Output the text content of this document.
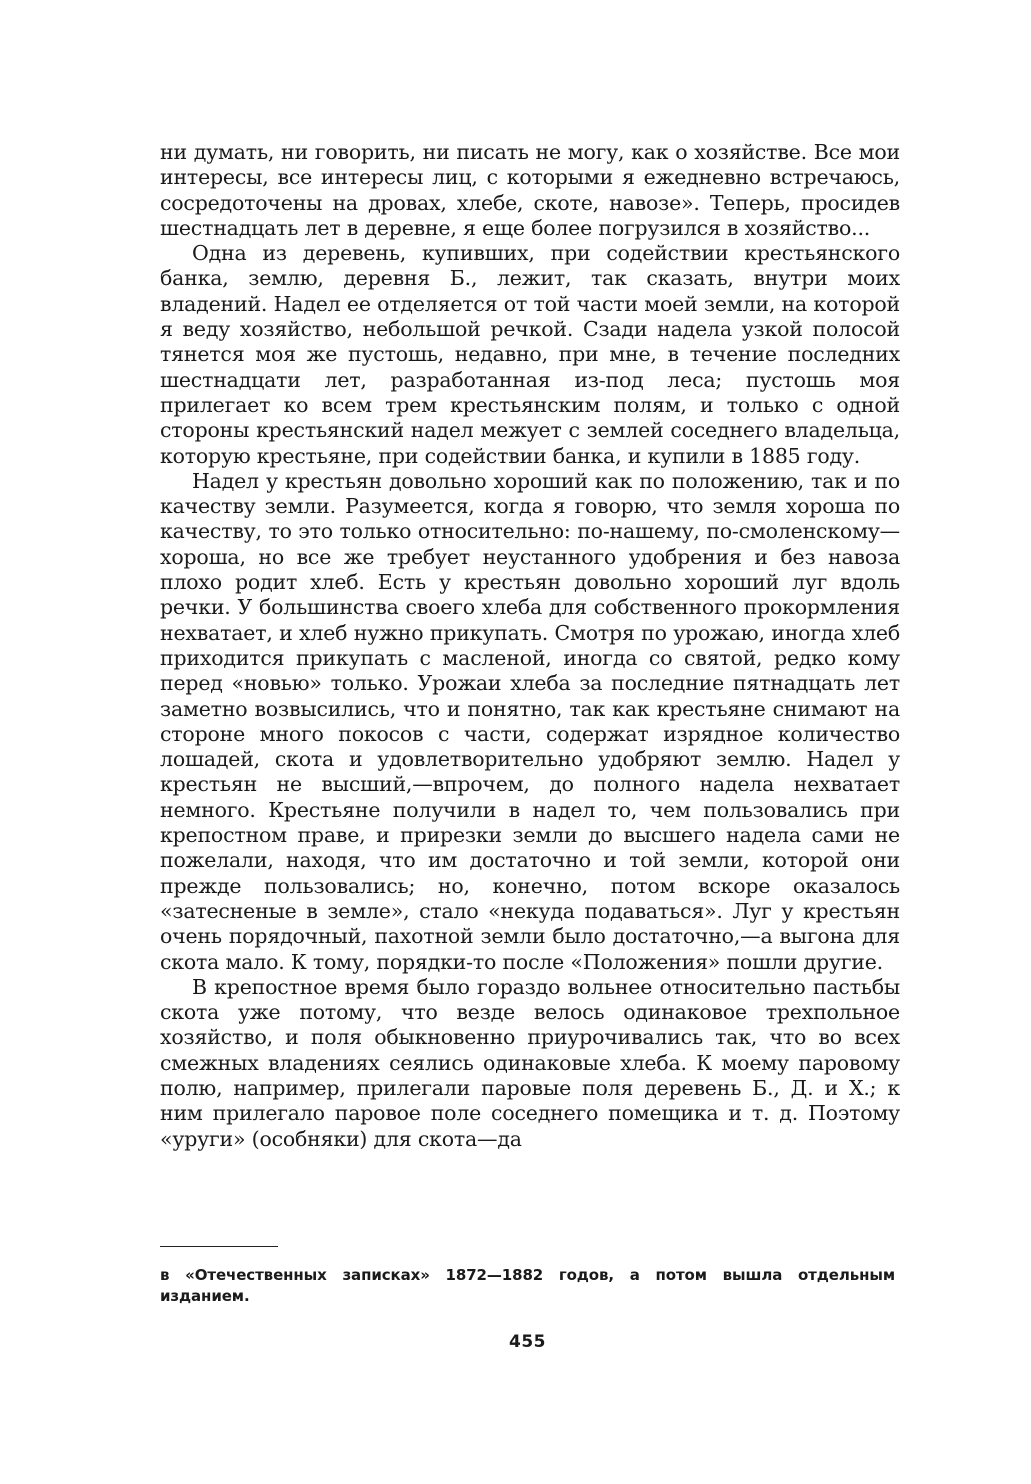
ни думать, ни говорить, ни писать не могу, как о хозяйстве. Все мои интересы, все интересы лиц, с которыми я ежедневно встречаюсь, сосредоточены на дровах, хлебе, скоте, навозе». Теперь, просидев шестнадцать лет в деревне, я еще более погрузился в хозяйство...

Одна из деревень, купивших, при содействии крестьянского банка, землю, деревня Б., лежит, так сказать, внутри моих владений. Надел ее отделяется от той части моей земли, на которой я веду хозяйство, небольшой речкой. Сзади надела узкой полосой тянется моя же пустошь, недавно, при мне, в течение последних шестнадцати лет, разработанная из-под леса; пустошь моя прилегает ко всем трем крестьянским полям, и только с одной стороны крестьянский надел межует с землей соседнего владельца, которую крестьяне, при содействии банка, и купили в 1885 году.

Надел у крестьян довольно хороший как по положению, так и по качеству земли. Разумеется, когда я говорю, что земля хороша по качеству, то это только относительно: по-нашему, по-смоленскому—хороша, но все же требует неустанного удобрения и без навоза плохо родит хлеб. Есть у крестьян довольно хороший луг вдоль речки. У большинства своего хлеба для собственного прокормления нехватает, и хлеб нужно прикупать. Смотря по урожаю, иногда хлеб приходится прикупать с масленой, иногда со святой, редко кому перед «новью» только. Урожаи хлеба за последние пятнадцать лет заметно возвысились, что и понятно, так как крестьяне снимают на стороне много покосов с части, содержат изрядное количество лошадей, скота и удовлетворительно удобряют землю. Надел у крестьян не высший,—впрочем, до полного надела нехватает немного. Крестьяне получили в надел то, чем пользовались при крепостном праве, и прирезки земли до высшего надела сами не пожелали, находя, что им достаточно и той земли, которой они прежде пользовались; но, конечно, потом вскоре оказалось «затесненые в земле», стало «некуда подаваться». Луг у крестьян очень порядочный, пахотной земли было достаточно,—а выгона для скота мало. К тому, порядки-то после «Положения» пошли другие.

В крепостное время было гораздо вольнее относительно пастьбы скота уже потому, что везде велось одинаковое трехпольное хозяйство, и поля обыкновенно приурочивались так, что во всех смежных владениях сеялись одинаковые хлеба. К моему паровому полю, например, прилегали паровые поля деревень Б., Д. и Х.; к ним прилегало паровое поле соседнего помещика и т. д. Поэтому «уруги» (особняки) для скота—да

в «Отечественных записках» 1872—1882 годов, а потом вышла отдельным изданием.
455
